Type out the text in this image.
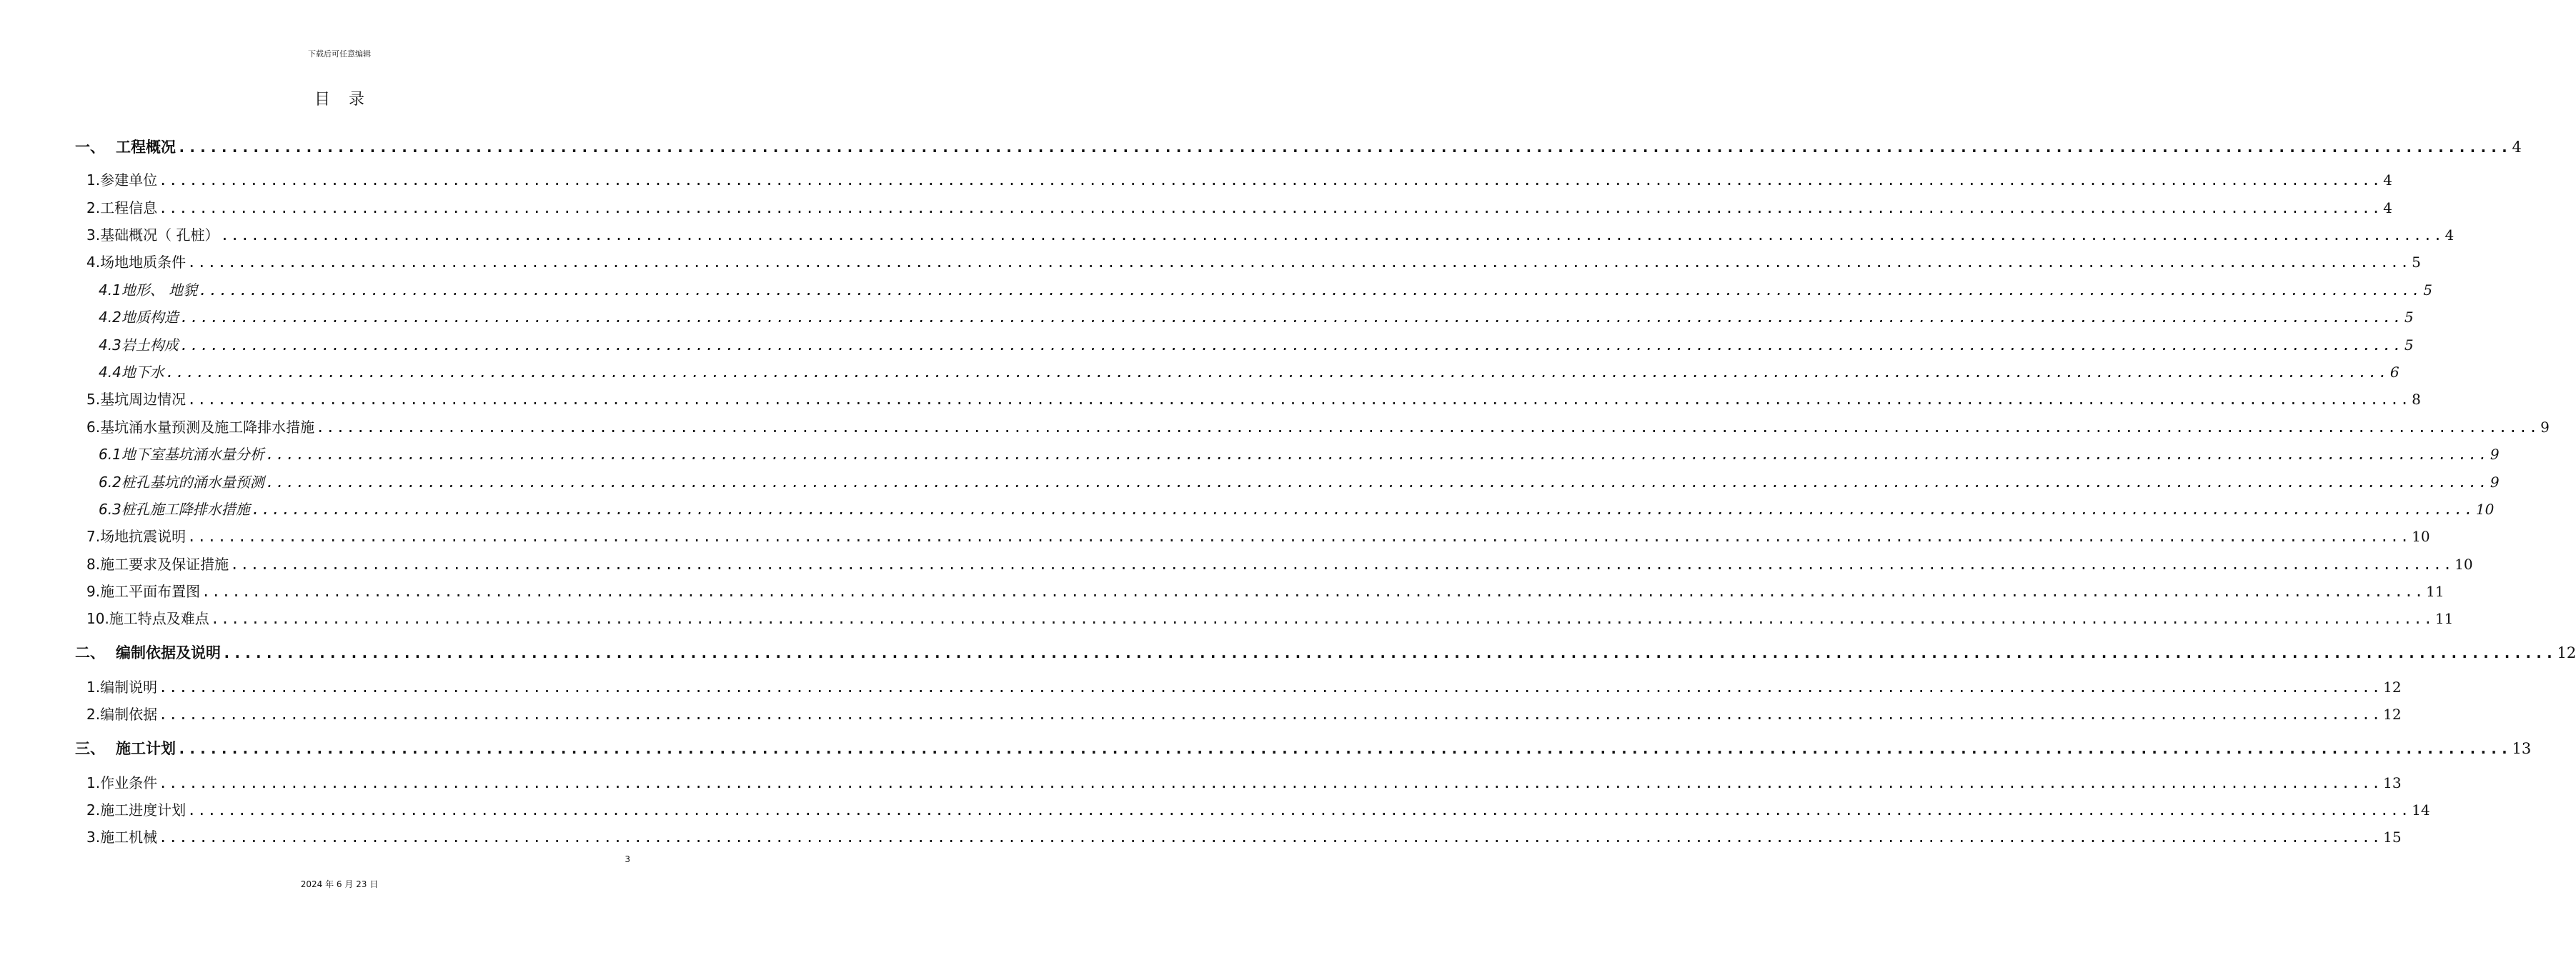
下载后可任意编辑
目录
一、 工程概况 ............................................................................................................................................................................................................................ 4
1.参建单位 ............................................................................................................................................................................................................................ 4
2.工程信息 ............................................................................................................................................................................................................................ 4
3.基础概况（ 孔桩） ............................................................................................................................................................................................................................ 4
4.场地地质条件 ............................................................................................................................................................................................................................ 5
4.1地形、 地貌 ............................................................................................................................................................................................................................ 5
4.2地质构造 ............................................................................................................................................................................................................................ 5
4.3岩土构成 ............................................................................................................................................................................................................................ 5
4.4地下水 ............................................................................................................................................................................................................................ 6
5.基坑周边情况 ............................................................................................................................................................................................................................ 8
6.基坑涌水量预测及施工降排水措施 ............................................................................................................................................................................................................................ 9
6.1地下室基坑涌水量分析 ............................................................................................................................................................................................................................ 9
6.2桩孔基坑的涌水量预测 ............................................................................................................................................................................................................................ 9
6.3桩孔施工降排水措施 ............................................................................................................................................................................................................................ 10
7.场地抗震说明 ............................................................................................................................................................................................................................ 10
8.施工要求及保证措施 ............................................................................................................................................................................................................................ 10
9.施工平面布置图 ............................................................................................................................................................................................................................ 11
10.施工特点及难点 ............................................................................................................................................................................................................................ 11
二、 编制依据及说明 ............................................................................................................................................................................................................................ 12
1.编制说明 ............................................................................................................................................................................................................................ 12
2.编制依据 ............................................................................................................................................................................................................................ 12
三、 施工计划 ............................................................................................................................................................................................................................ 13
1.作业条件 ............................................................................................................................................................................................................................ 13
2.施工进度计划 ............................................................................................................................................................................................................................ 14
3.施工机械 ............................................................................................................................................................................................................................ 15
3
2024 年 6 月 23 日
